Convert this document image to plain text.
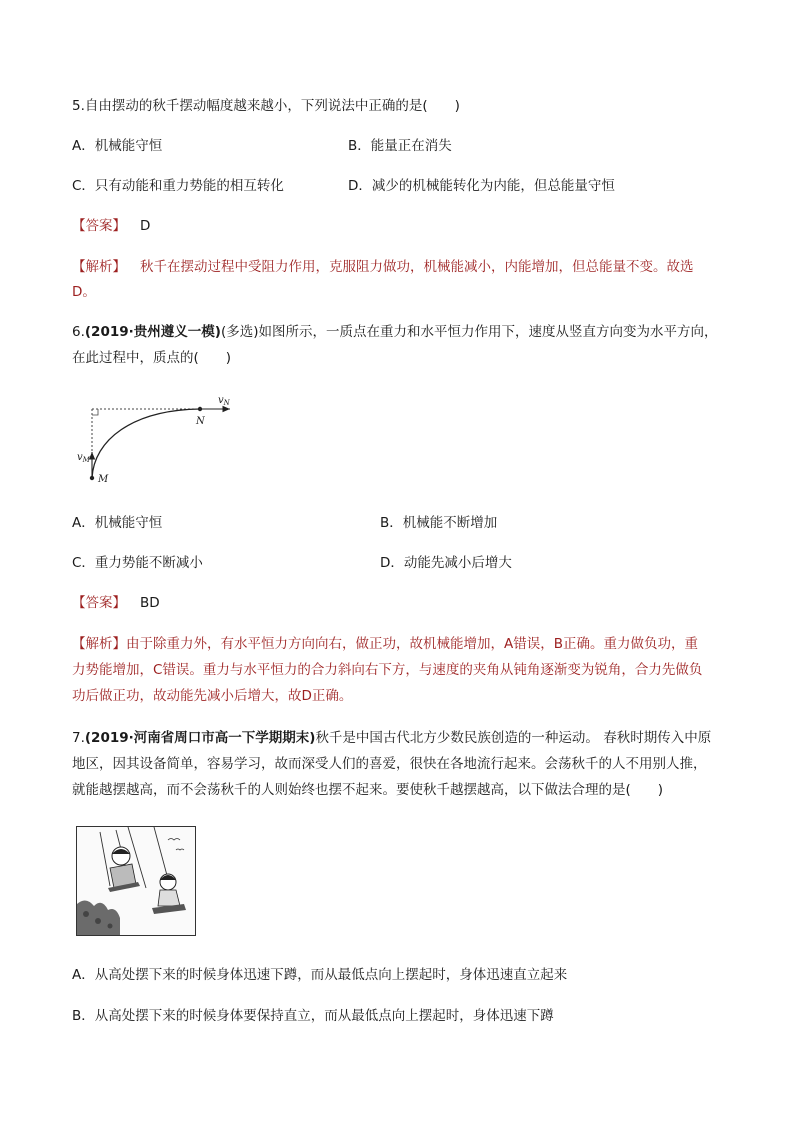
5.自由摆动的秋千摆动幅度越来越小，下列说法中正确的是(　　)
A．机械能守恒	B．能量正在消失
C．只有动能和重力势能的相互转化	D．减少的机械能转化为内能，但总能量守恒
【答案】 D
【解析】 秋千在摆动过程中受阻力作用，克服阻力做功，机械能减小，内能增加，但总能量不变。故选
D。
6.(2019·贵州遵义一模)(多选)如图所示，一质点在重力和水平恒力作用下，速度从竖直方向变为水平方向，
在此过程中，质点的(　　)
$v_N$
N
$v_M$
M
A．机械能守恒	B．机械能不断增加
C．重力势能不断减小	D．动能先减小后增大
【答案】 BD
【解析】由于除重力外，有水平恒力方向向右，做正功，故机械能增加，A错误，B正确。重力做负功，重
力势能增加，C错误。重力与水平恒力的合力斜向右下方，与速度的夹角从钝角逐渐变为锐角，合力先做负
功后做正功，故动能先减小后增大，故D正确。
7.(2019·河南省周口市高一下学期期末)秋千是中国古代北方少数民族创造的一种运动。 春秋时期传入中原
地区，因其设备简单，容易学习，故而深受人们的喜爱，很快在各地流行起来。会荡秋千的人不用别人推，
就能越摆越高，而不会荡秋千的人则始终也摆不起来。要使秋千越摆越高，以下做法合理的是(　　)
A．从高处摆下来的时候身体迅速下蹲，而从最低点向上摆起时，身体迅速直立起来
B．从高处摆下来的时候身体要保持直立，而从最低点向上摆起时，身体迅速下蹲
